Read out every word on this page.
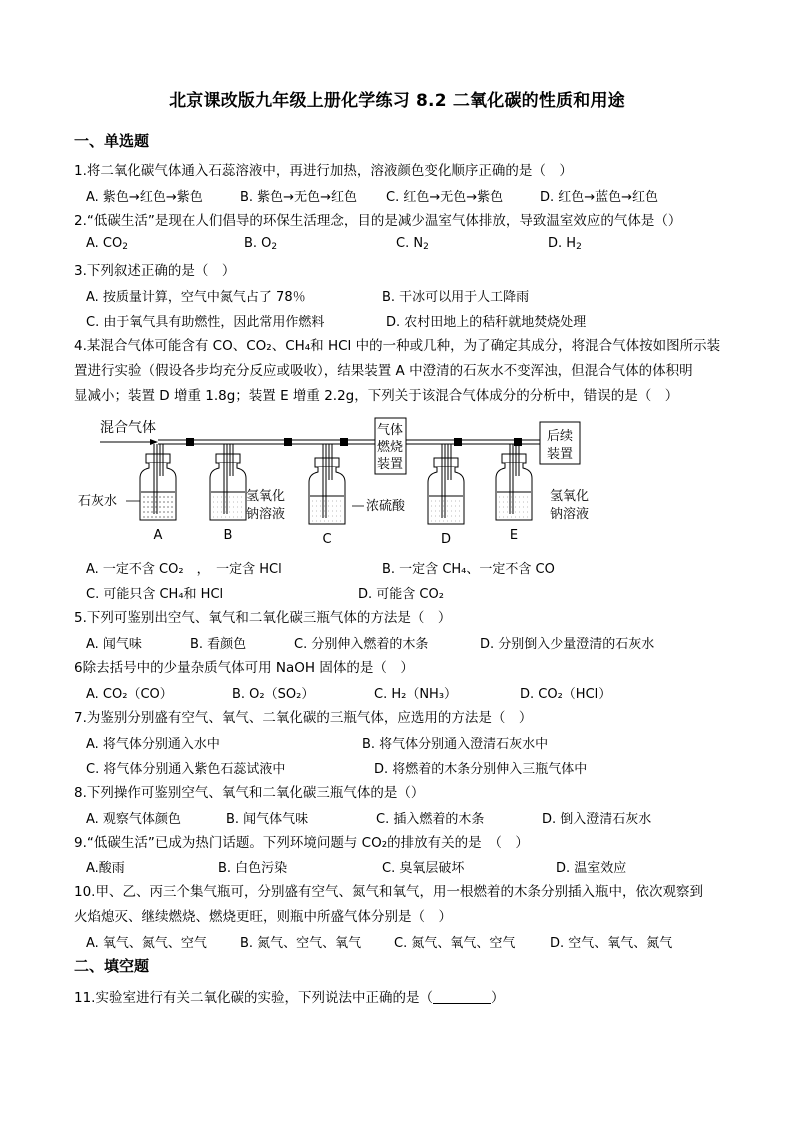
北京课改版九年级上册化学练习 8.2 二氧化碳的性质和用途
一、单选题
1.将二氧化碳气体通入石蕊溶液中，再进行加热，溶液颜色变化顺序正确的是（　）
A. 紫色→红色→紫色	B. 紫色→无色→红色 C. 红色→无色→紫色	D. 红色→蓝色→红色
2.“低碳生活”是现在人们倡导的环保生活理念，目的是减少温室气体排放，导致温室效应的气体是（）
A. $CO_2$	B. $O_2$	C. $N_2$	D. $H_2$
3.下列叙述正确的是（　）
A. 按质量计算，空气中氮气占了 78％	B. 干冰可以用于人工降雨
C. 由于氧气具有助燃性，因此常用作燃料	D. 农村田地上的秸秆就地焚烧处理
4.某混合气体可能含有 CO、CO₂、CH₄和 HCl 中的一种或几种，为了确定其成分，将混合气体按如图所示装
置进行实验（假设各步均充分反应或吸收），结果装置 A 中澄清的石灰水不变浑浊，但混合气体的体积明
显减小；装置 D 增重 1.8g；装置 E 增重 2.2g，下列关于该混合气体成分的分析中，错误的是（　）
混合气体	气体
燃烧
装置
后续
装置
石灰水	氢氧化
钠溶液
浓硫酸
氢氧化
钠溶液
A	B	C	D	E
A. 一定不含 CO₂　，　一定含 HCl	B. 一定含 CH₄、一定不含 CO
C. 可能只含 CH₄和 HCl	D. 可能含 CO₂
5.下列可鉴别出空气、氧气和二氧化碳三瓶气体的方法是（　）
A. 闻气味	B. 看颜色	C. 分别伸入燃着的木条	D. 分别倒入少量澄清的石灰水
6除去括号中的少量杂质气体可用 NaOH 固体的是（　）
A. CO₂（CO）	B. O₂（SO₂）	C. H₂（NH₃）	D. CO₂（HCl）
7.为鉴别分别盛有空气、氧气、二氧化碳的三瓶气体，应选用的方法是（　）
A. 将气体分别通入水中	B. 将气体分别通入澄清石灰水中
C. 将气体分别通入紫色石蕊试液中	D. 将燃着的木条分别伸入三瓶气体中
8.下列操作可鉴别空气、氧气和二氧化碳三瓶气体的是（）
A. 观察气体颜色	B. 闻气体气味	C. 插入燃着的木条	D. 倒入澄清石灰水
9.“低碳生活”已成为热门话题。下列环境问题与 CO₂的排放有关的是　（　）
A.酸雨	B. 白色污染	C. 臭氧层破坏	D. 温室效应
10.甲、乙、丙三个集气瓶可，分别盛有空气、氮气和氧气，用一根燃着的木条分别插入瓶中，依次观察到
火焰熄灭、继续燃烧、燃烧更旺，则瓶中所盛气体分别是（　）
A. 氧气、氮气、空气	B. 氮气、空气、氧气	C. 氮气、氧气、空气	D. 空气、氧气、氮气
二、填空题
11.实验室进行有关二氧化碳的实验，下列说法中正确的是（	）
